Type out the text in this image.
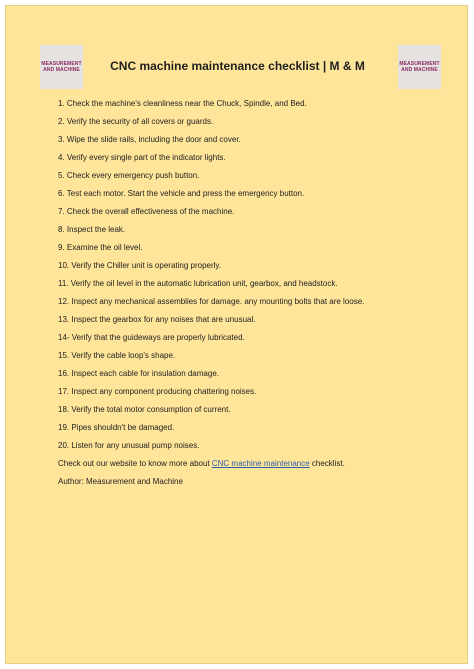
MEASUREMENT
AND MACHINE
MEASUREMENT
AND MACHINE
CNC machine maintenance checklist | M & M
1. Check the machine's cleanliness near the Chuck, Spindle, and Bed.
2. Verify the security of all covers or guards.
3. Wipe the slide rails, including the door and cover.
4. Verify every single part of the indicator lights.
5. Check every emergency push button.
6. Test each motor. Start the vehicle and press the emergency button.
7. Check the overall effectiveness of the machine.
8. Inspect the leak.
9. Examine the oil level.
10. Verify the Chiller unit is operating properly.
11. Verify the oil level in the automatic lubrication unit, gearbox, and headstock.
12. Inspect any mechanical assemblies for damage. any mounting bolts that are loose.
13. Inspect the gearbox for any noises that are unusual.
14- Verify that the guideways are properly lubricated.
15. Verify the cable loop's shape.
16. Inspect each cable for insulation damage.
17. Inspect any component producing chattering noises.
18. Verify the total motor consumption of current.
19. Pipes shouldn't be damaged.
20. Listen for any unusual pump noises.
Check out our website to know more about CNC machine maintenance checklist.
Author: Measurement and Machine
